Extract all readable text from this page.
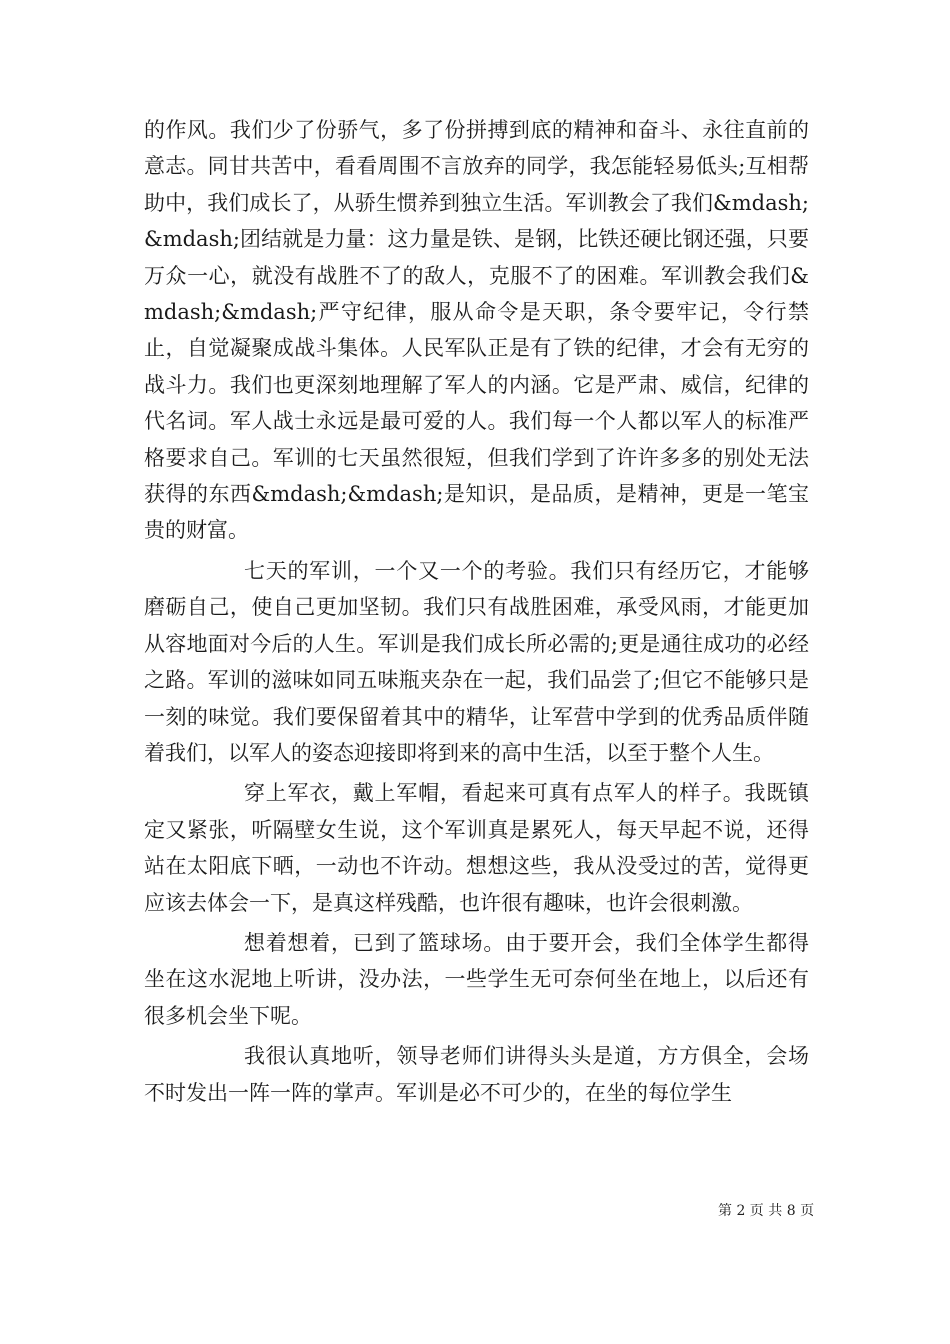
的作风。我们少了份骄气，多了份拼搏到底的精神和奋斗、永往直前的意志。同甘共苦中，看看周围不言放弃的同学，我怎能轻易低头;互相帮助中，我们成长了，从骄生惯养到独立生活。军训教会了我们&mdash;&mdash;团结就是力量：这力量是铁、是钢，比铁还硬比钢还强，只要万众一心，就没有战胜不了的敌人，克服不了的困难。军训教会我们&mdash;&mdash;严守纪律，服从命令是天职，条令要牢记，令行禁止，自觉凝聚成战斗集体。人民军队正是有了铁的纪律，才会有无穷的战斗力。我们也更深刻地理解了军人的内涵。它是严肃、威信，纪律的代名词。军人战士永远是最可爱的人。我们每一个人都以军人的标准严格要求自己。军训的七天虽然很短，但我们学到了许许多多的别处无法获得的东西&mdash;&mdash;是知识，是品质，是精神，更是一笔宝贵的财富。

七天的军训，一个又一个的考验。我们只有经历它，才能够磨砺自己，使自己更加坚韧。我们只有战胜困难，承受风雨，才能更加从容地面对今后的人生。军训是我们成长所必需的;更是通往成功的必经之路。军训的滋味如同五味瓶夹杂在一起，我们品尝了;但它不能够只是一刻的味觉。我们要保留着其中的精华，让军营中学到的优秀品质伴随着我们，以军人的姿态迎接即将到来的高中生活，以至于整个人生。

穿上军衣，戴上军帽，看起来可真有点军人的样子。我既镇定又紧张，听隔壁女生说，这个军训真是累死人，每天早起不说，还得站在太阳底下晒，一动也不许动。想想这些，我从没受过的苦，觉得更应该去体会一下，是真这样残酷，也许很有趣味，也许会很刺激。

想着想着，已到了篮球场。由于要开会，我们全体学生都得坐在这水泥地上听讲，没办法，一些学生无可奈何坐在地上，以后还有很多机会坐下呢。

我很认真地听，领导老师们讲得头头是道，方方俱全，会场不时发出一阵一阵的掌声。军训是必不可少的，在坐的每位学生

第 2 页 共 8 页
